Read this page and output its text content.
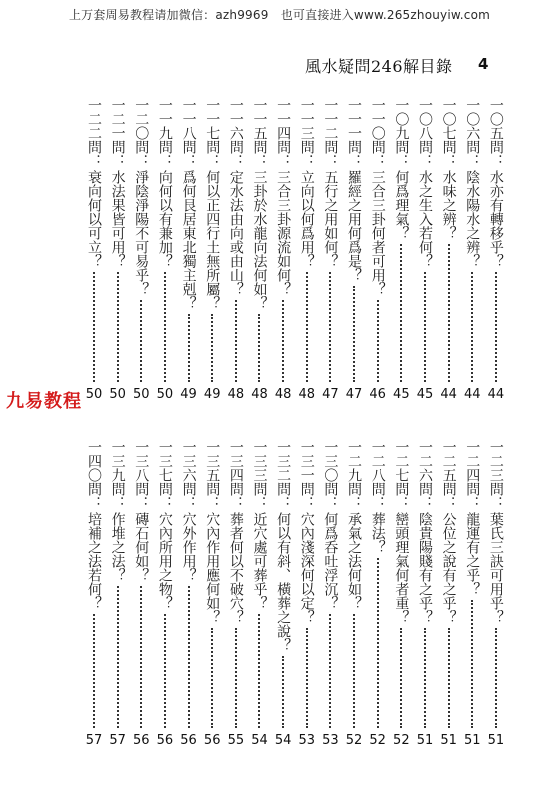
上万套周易教程请加微信：azh9969　也可直接进入www.265zhouyiw.com
風水疑問246解目錄 4
九易教程
一〇五問：
水亦有轉移乎？
44
一〇六問：
陰水陽水之辨？
44
一〇七問：
水味之辨？
44
一〇八問：
水之生入若何？
45
一〇九問：
何爲理氣？
45
一一〇問：
三合三卦何者可用？
46
一一一問：
羅經之用何爲是？
47
一一二問：
五行之用如何？
47
一一三問：
立向以何爲用？
48
一一四問：
三合三卦源流如何？
48
一一五問：
三卦於水龍向法何如？
48
一一六問：
定水法由向或由山？
48
一一七問：
何以正四行土無所屬？
49
一一八問：
爲何艮居東北獨主剋？
49
一一九問：
向何以有兼加？
50
一二〇問：
淨陰淨陽不可易乎？
50
一二一問：
水法果皆可用？
50
一二二問：
衰向何以可立？
50
一二三問：
葉氏三訣可用乎？
51
一二四問：
龍運有之乎？
51
一二五問：
公位之說有之乎？
51
一二六問：
陰貴陽賤有之乎？
51
一二七問：
巒頭理氣何者重？
52
一二八問：
葬法？
52
一二九問：
承氣之法何如？
52
一三〇問：
何爲呑吐浮沉？
53
一三一問：
穴內淺深何以定？
53
一三二問：
何以有斜、橫葬之說？
54
一三三問：
近穴處可葬乎？
54
一三四問：
葬者何以不破穴？
55
一三五問：
穴內作用應何如？
56
一三六問：
穴外作用？
56
一三七問：
穴內所用之物？
56
一三八問：
磚石何如？
56
一三九問：
作堆之法？
57
一四〇問：
培補之法若何？
57
